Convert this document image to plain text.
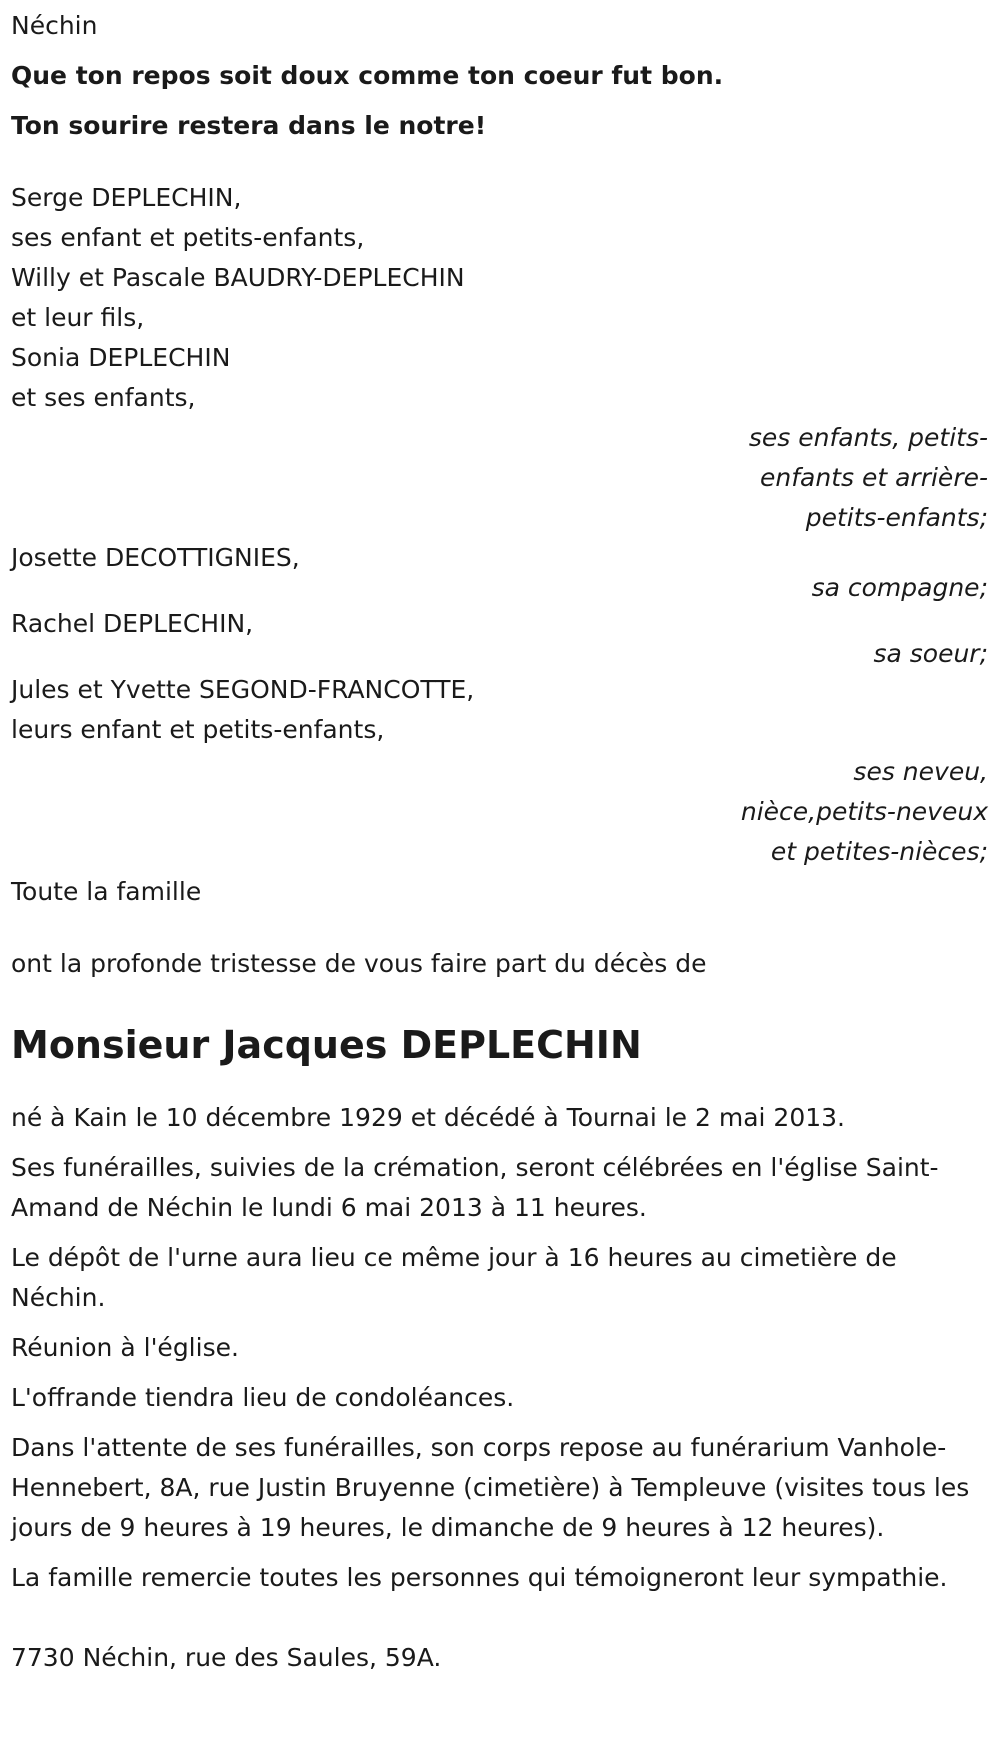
Néchin
Que ton repos soit doux comme ton coeur fut bon.
Ton sourire restera dans le notre!
Serge DEPLECHIN,
ses enfant et petits-enfants,
Willy et Pascale BAUDRY-DEPLECHIN
et leur fils,
Sonia DEPLECHIN
et ses enfants,
ses enfants, petits-
enfants et arrière-
petits-enfants;
Josette DECOTTIGNIES,
sa compagne;
Rachel DEPLECHIN,
sa soeur;
Jules et Yvette SEGOND-FRANCOTTE,
leurs enfant et petits-enfants,
ses neveu,
nièce,petits-neveux
et petites-nièces;
Toute la famille
ont la profonde tristesse de vous faire part du décès de
Monsieur Jacques DEPLECHIN
né à Kain le 10 décembre 1929 et décédé à Tournai le 2 mai 2013.
Ses funérailles, suivies de la crémation, seront célébrées en l'église Saint-Amand de Néchin le lundi 6 mai 2013 à 11 heures.
Le dépôt de l'urne aura lieu ce même jour à 16 heures au cimetière de Néchin.
Réunion à l'église.
L'offrande tiendra lieu de condoléances.
Dans l'attente de ses funérailles, son corps repose au funérarium Vanhole-Hennebert, 8A, rue Justin Bruyenne (cimetière) à Templeuve (visites tous les jours de 9 heures à 19 heures, le dimanche de 9 heures à 12 heures).
La famille remercie toutes les personnes qui témoigneront leur sympathie.
7730 Néchin, rue des Saules, 59A.
